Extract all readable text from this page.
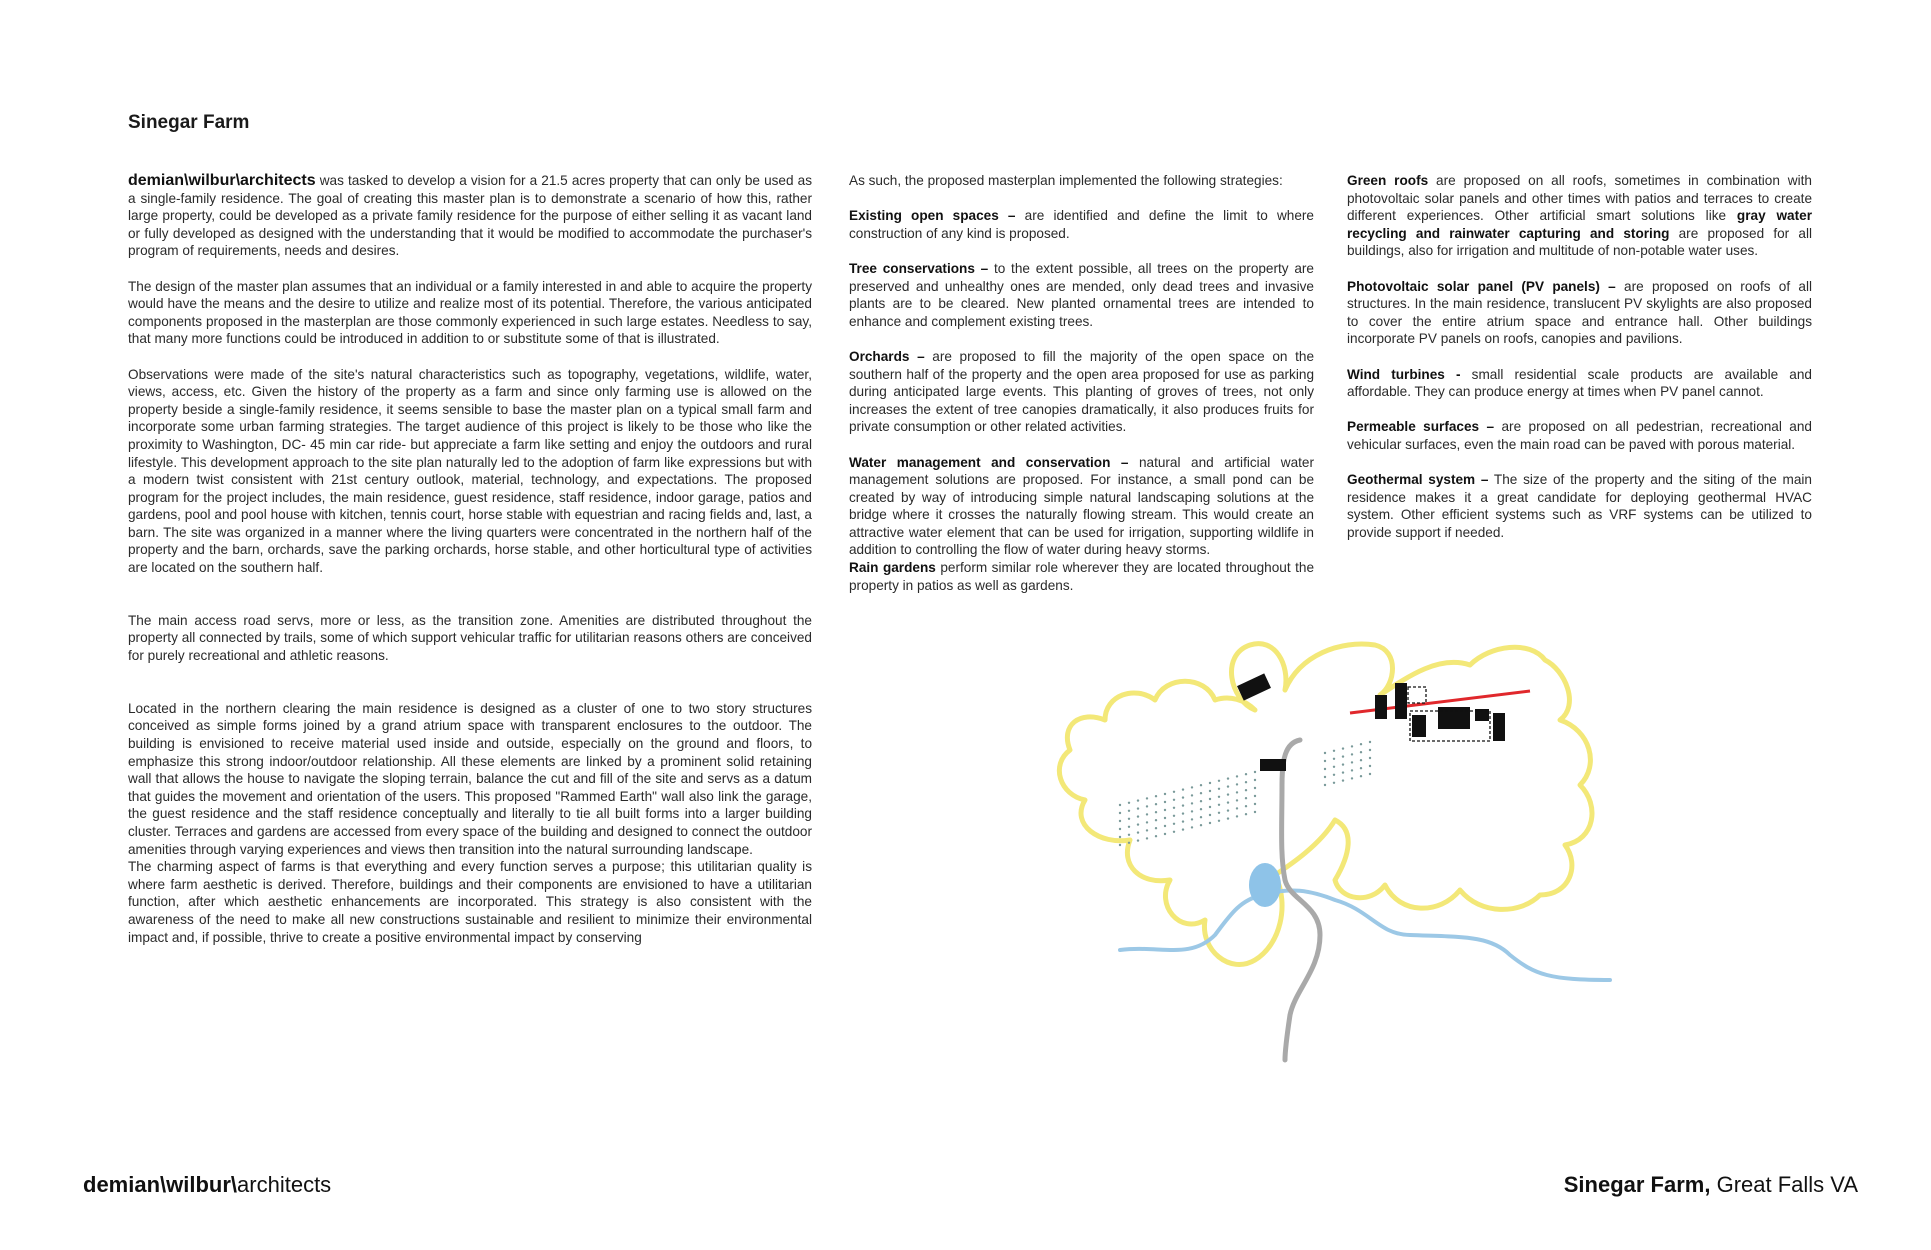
Sinegar Farm

demian\wilbur\architects was tasked to develop a vision for a 21.5 acres property that can only be used as a single-family residence. The goal of creating this master plan is to demonstrate a scenario of how this, rather large property, could be developed as a private family residence for the purpose of either selling it as vacant land or fully developed as designed with the understanding that it would be modified to accommodate the purchaser's program of requirements, needs and desires.

The design of the master plan assumes that an individual or a family interested in and able to acquire the property would have the means and the desire to utilize and realize most of its potential. Therefore, the various anticipated components proposed in the masterplan are those commonly experienced in such large estates. Needless to say, that many more functions could be introduced in addition to or substitute some of that is illustrated.

Observations were made of the site's natural characteristics such as topography, vegetations, wildlife, water, views, access, etc. Given the history of the property as a farm and since only farming use is allowed on the property beside a single-family residence, it seems sensible to base the master plan on a typical small farm and incorporate some urban farming strategies. The target audience of this project is likely to be those who like the proximity to Washington, DC- 45 min car ride- but appreciate a farm like setting and enjoy the outdoors and rural lifestyle. This development approach to the site plan naturally led to the adoption of farm like expressions but with a modern twist consistent with 21st century outlook, material, technology, and expectations. The proposed program for the project includes, the main residence, guest residence, staff residence, indoor garage, patios and gardens, pool and pool house with kitchen, tennis court, horse stable with equestrian and racing fields and, last, a barn. The site was organized in a manner where the living quarters were concentrated in the northern half of the property and the barn, orchards, save the parking orchards, horse stable, and other horticultural type of activities are located on the southern half.

The main access road servs, more or less, as the transition zone. Amenities are distributed throughout the property all connected by trails, some of which support vehicular traffic for utilitarian reasons others are conceived for purely recreational and athletic reasons.

Located in the northern clearing the main residence is designed as a cluster of one to two story structures conceived as simple forms joined by a grand atrium space with transparent enclosures to the outdoor. The building is envisioned to receive material used inside and outside, especially on the ground and floors, to emphasize this strong indoor/outdoor relationship. All these elements are linked by a prominent solid retaining wall that allows the house to navigate the sloping terrain, balance the cut and fill of the site and servs as a datum that guides the movement and orientation of the users. This proposed "Rammed Earth" wall also link the garage, the guest residence and the staff residence conceptually and literally to tie all built forms into a larger building cluster. Terraces and gardens are accessed from every space of the building and designed to connect the outdoor amenities through varying experiences and views then transition into the natural surrounding landscape.

The charming aspect of farms is that everything and every function serves a purpose; this utilitarian quality is where farm aesthetic is derived. Therefore, buildings and their components are envisioned to have a utilitarian function, after which aesthetic enhancements are incorporated. This strategy is also consistent with the awareness of the need to make all new constructions sustainable and resilient to minimize their environmental impact and, if possible, thrive to create a positive environmental impact by conserving

As such, the proposed masterplan implemented the following strategies:

Existing open spaces – are identified and define the limit to where construction of any kind is proposed.

Tree conservations – to the extent possible, all trees on the property are preserved and unhealthy ones are mended, only dead trees and invasive plants are to be cleared. New planted ornamental trees are intended to enhance and complement existing trees.

Orchards – are proposed to fill the majority of the open space on the southern half of the property and the open area proposed for use as parking during anticipated large events. This planting of groves of trees, not only increases the extent of tree canopies dramatically, it also produces fruits for private consumption or other related activities.

Water management and conservation – natural and artificial water management solutions are proposed. For instance, a small pond can be created by way of introducing simple natural landscaping solutions at the bridge where it crosses the naturally flowing stream. This would create an attractive water element that can be used for irrigation, supporting wildlife in addition to controlling the flow of water during heavy storms.

Rain gardens perform similar role wherever they are located throughout the property in patios as well as gardens.

Green roofs are proposed on all roofs, sometimes in combination with photovoltaic solar panels and other times with patios and terraces to create different experiences. Other artificial smart solutions like gray water recycling and rainwater capturing and storing are proposed for all buildings, also for irrigation and multitude of non-potable water uses.

Photovoltaic solar panel (PV panels) – are proposed on roofs of all structures. In the main residence, translucent PV skylights are also proposed to cover the entire atrium space and entrance hall. Other buildings incorporate PV panels on roofs, canopies and pavilions.

Wind turbines - small residential scale products are available and affordable. They can produce energy at times when PV panel cannot.

Permeable surfaces – are proposed on all pedestrian, recreational and vehicular surfaces, even the main road can be paved with porous material.

Geothermal system – The size of the property and the siting of the main residence makes it a great candidate for deploying geothermal HVAC system. Other efficient systems such as VRF systems can be utilized to provide support if needed.

demian\wilbur\architects	Sinegar Farm, Great Falls VA
